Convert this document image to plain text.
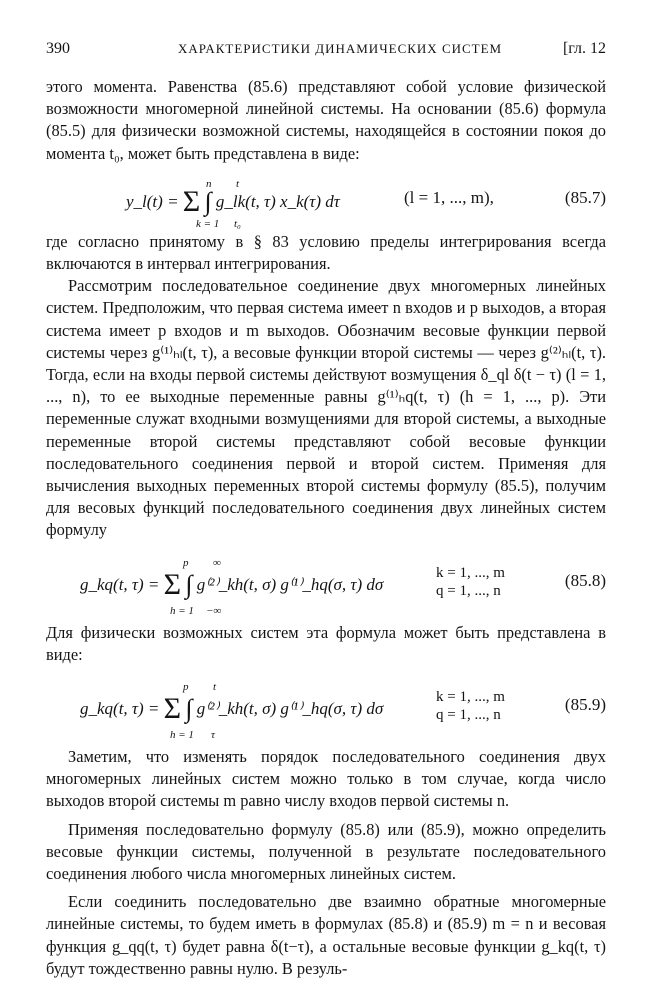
390	ХАРАКТЕРИСТИКИ ДИНАМИЧЕСКИХ СИСТЕМ	[гл. 12

этого момента. Равенства (85.6) представляют собой условие физической возможности многомерной линейной системы. На основании (85.6) формула (85.5) для физически возможной системы, находящейся в состоянии покоя до момента t₀, может быть представлена в виде:

y_l(t) = Σ ∫ g_lk(t, τ) x_k(τ) dτ
n
k = 1
t
t₀
(l = 1, ..., m),	(85.7)

где согласно принятому в § 83 условию пределы интегрирования всегда включаются в интервал интегрирования.

Рассмотрим последовательное соединение двух многомерных линейных систем. Предположим, что первая система имеет n входов и p выходов, а вторая система имеет p входов и m выходов. Обозначим весовые функции первой системы через g⁽¹⁾ₕₗ(t, τ), а весовые функции второй системы — через g⁽²⁾ₕₗ(t, τ). Тогда, если на входы первой системы действуют возмущения δ_ql δ(t − τ) (l = 1, ..., n), то ее выходные переменные равны g⁽¹⁾ₕq(t, τ) (h = 1, ..., p). Эти переменные служат входными возмущениями для второй системы, а выходные переменные второй системы представляют собой весовые функции последовательного соединения первой и второй систем. Применяя для вычисления выходных переменных второй системы формулу (85.5), получим для весовых функций последовательного соединения двух линейных систем формулу

g_kq(t, τ) = Σ ∫ g⁽²⁾_kh(t, σ) g⁽¹⁾_hq(σ, τ) dσ
p
h = 1
∞
−∞
k = 1, ..., m
q = 1, ..., n
(85.8)

Для физически возможных систем эта формула может быть представлена в виде:

g_kq(t, τ) = Σ ∫ g⁽²⁾_kh(t, σ) g⁽¹⁾_hq(σ, τ) dσ
p
h = 1
t
τ
k = 1, ..., m
q = 1, ..., n
(85.9)

Заметим, что изменять порядок последовательного соединения двух многомерных линейных систем можно только в том случае, когда число выходов второй системы m равно числу входов первой системы n.

Применяя последовательно формулу (85.8) или (85.9), можно определить весовые функции системы, полученной в результате последовательного соединения любого числа многомерных линейных систем.

Если соединить последовательно две взаимно обратные многомерные линейные системы, то будем иметь в формулах (85.8) и (85.9) m = n и весовая функция g_qq(t, τ) будет равна δ(t−τ), а остальные весовые функции g_kq(t, τ) будут тождественно равны нулю. В резуль-
